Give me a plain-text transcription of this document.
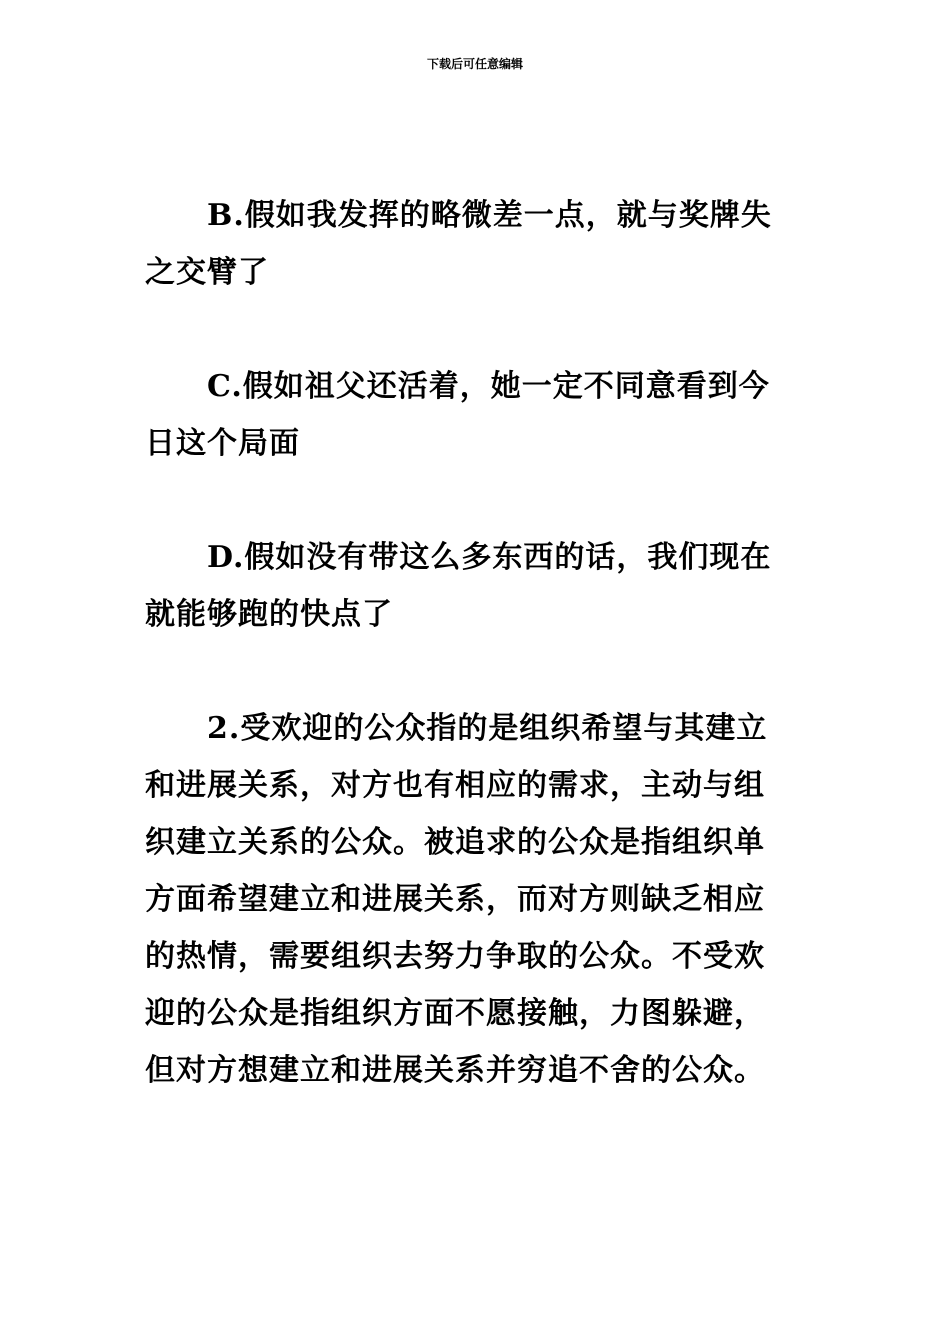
下载后可任意编辑

B.假如我发挥的略微差一点，就与奖牌失之交臂了

C.假如祖父还活着，她一定不同意看到今日这个局面

D.假如没有带这么多东西的话，我们现在就能够跑的快点了

2.受欢迎的公众指的是组织希望与其建立和进展关系，对方也有相应的需求，主动与组织建立关系的公众。被追求的公众是指组织单方面希望建立和进展关系，而对方则缺乏相应的热情，需要组织去努力争取的公众。不受欢迎的公众是指组织方面不愿接触，力图躲避，但对方想建立和进展关系并穷追不舍的公众。
